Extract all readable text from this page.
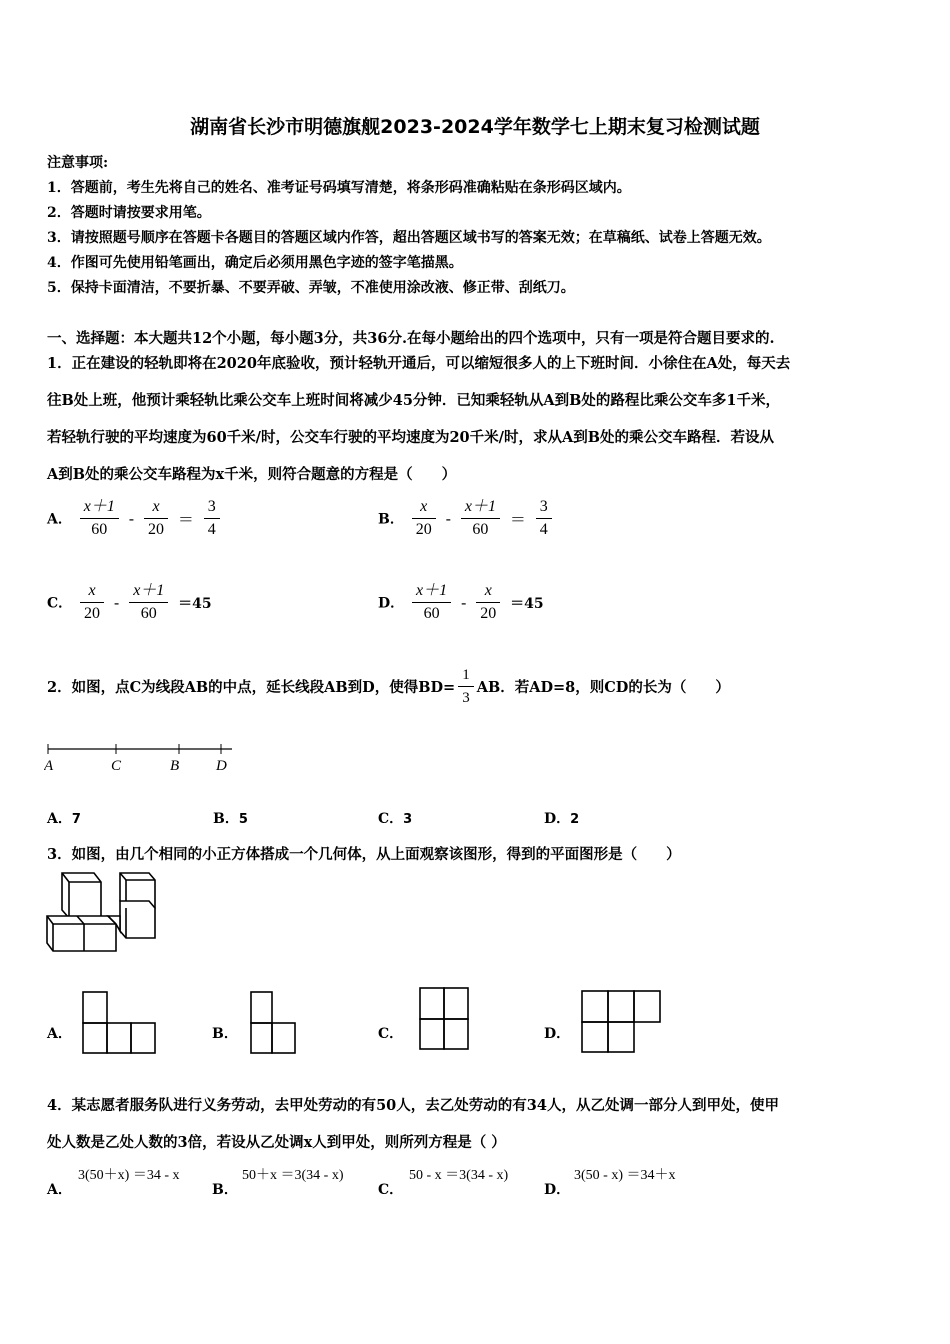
湖南省长沙市明德旗舰2023-2024学年数学七上期末复习检测试题
注意事项:
1．答题前，考生先将自己的姓名、准考证号码填写清楚，将条形码准确粘贴在条形码区域内。
2．答题时请按要求用笔。
3．请按照题号顺序在答题卡各题目的答题区域内作答，超出答题区域书写的答案无效；在草稿纸、试卷上答题无效。
4．作图可先使用铅笔画出，确定后必须用黑色字迹的签字笔描黑。
5．保持卡面清洁，不要折暴、不要弄破、弄皱，不准使用涂改液、修正带、刮纸刀。
一、选择题：本大题共12个小题，每小题3分，共36分.在每小题给出的四个选项中，只有一项是符合题目要求的.
1．正在建设的轻轨即将在2020年底验收，预计轻轨开通后，可以缩短很多人的上下班时间．小徐住在A处，每天去
往B处上班，他预计乘轻轨比乘公交车上班时间将减少45分钟．已知乘轻轨从A到B处的路程比乘公交车多1千米，
若轻轨行驶的平均速度为60千米/时，公交车行驶的平均速度为20千米/时，求从A到B处的乘公交车路程．若设从
A到B处的乘公交车路程为x千米，则符合题意的方程是（　　）
A． $\frac{x+1}{60} - \frac{x}{20} = \frac{3}{4}$	B． $\frac{x}{20} - \frac{x+1}{60} = \frac{3}{4}$
C． $\frac{x}{20} - \frac{x+1}{60} =45$	D． $\frac{x+1}{60} - \frac{x}{20} =45$
2．如图，点C为线段AB的中点，延长线段AB到D，使得$BD= \frac{1}{3}$ AB．若AD=8，则CD的长为（　　）
A	C	B D
A．7	B．5	C．3	D．2
3．如图，由几个相同的小正方体搭成一个几何体，从上面观察该图形，得到的平面图形是（　　）
A．	B．	C．	D．
4．某志愿者服务队进行义务劳动，去甲处劳动的有50人，去乙处劳动的有34人，从乙处调一部分人到甲处，使甲
处人数是乙处人数的3倍，若设从乙处调x人到甲处，则所列方程是（ ）
A．
3(50＋x) ＝34 - x
B．
50＋x ＝3(34 - x)
C．
50 - x ＝3(34 - x)
D．
3(50 - x) ＝34＋x
